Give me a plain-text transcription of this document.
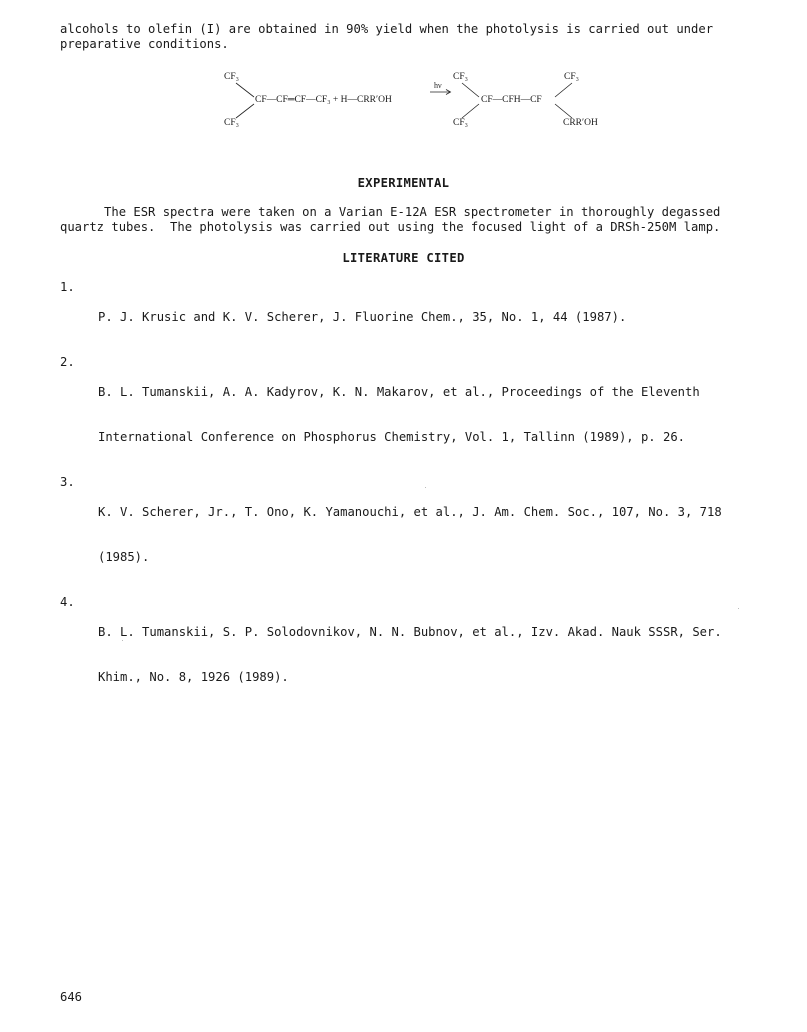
alcohols to olefin (I) are obtained in 90% yield when the photolysis is carried out under
preparative conditions.
CF₃
CF₃
CF—CF═CF—CF₃ + H—CRR′OH
hν
CF₃
CF₃
CF—CFH—CF
CF₃
CRR′OH
EXPERIMENTAL
The ESR spectra were taken on a Varian E-12A ESR spectrometer in thoroughly degassed
quartz tubes.  The photolysis was carried out using the focused light of a DRSh-250M lamp.
LITERATURE CITED
1.

P. J. Krusic and K. V. Scherer, J. Fluorine Chem., 35, No. 1, 44 (1987).

2.

B. L. Tumanskii, A. A. Kadyrov, K. N. Makarov, et al., Proceedings of the Eleventh

International Conference on Phosphorus Chemistry, Vol. 1, Tallinn (1989), p. 26.

3.

K. V. Scherer, Jr., T. Ono, K. Yamanouchi, et al., J. Am. Chem. Soc., 107, No. 3, 718

(1985).

4.

B. L. Tumanskii, S. P. Solodovnikov, N. N. Bubnov, et al., Izv. Akad. Nauk SSSR, Ser.

Khim., No. 8, 1926 (1989).

646
